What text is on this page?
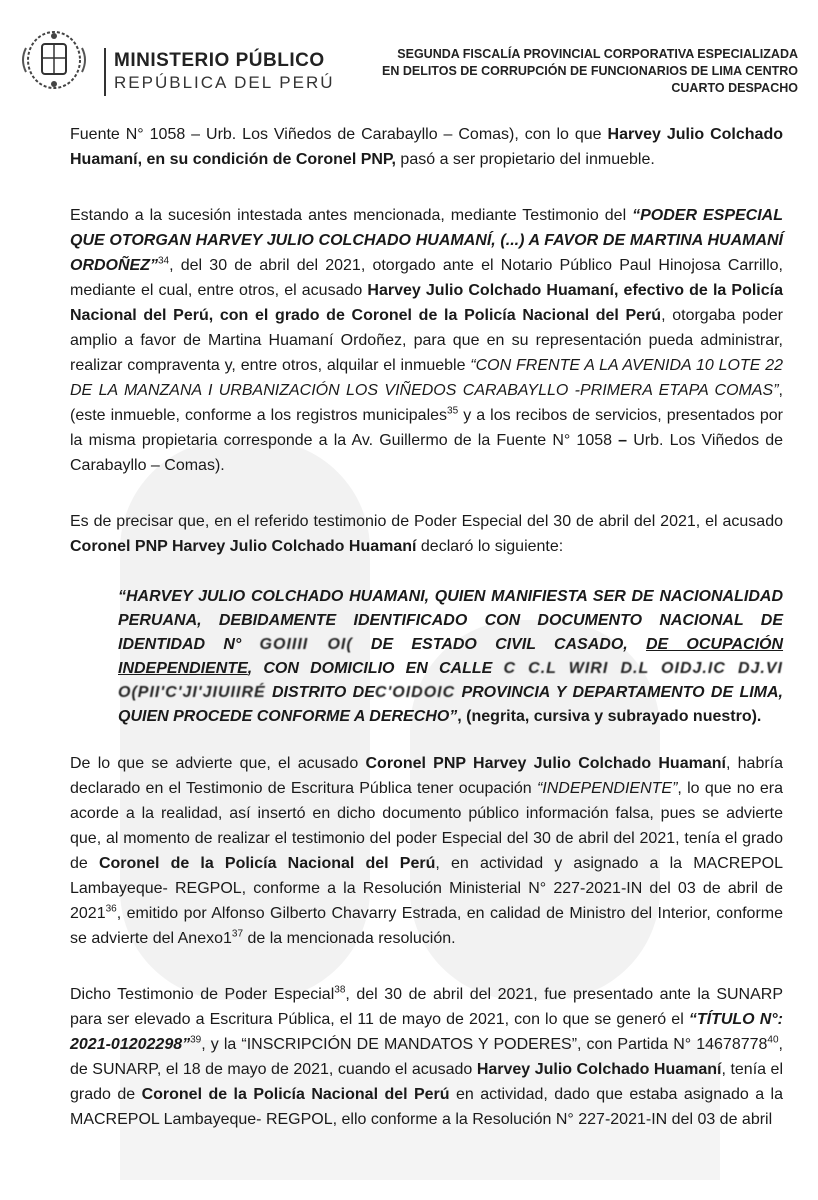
MINISTERIO PÚBLICO
REPÚBLICA DEL PERÚ
SEGUNDA FISCALÍA PROVINCIAL CORPORATIVA ESPECIALIZADA
EN DELITOS DE CORRUPCIÓN DE FUNCIONARIOS DE LIMA CENTRO
CUARTO DESPACHO

Fuente N° 1058 – Urb. Los Viñedos de Carabayllo – Comas), con lo que Harvey Julio Colchado Huamaní, en su condición de Coronel PNP, pasó a ser propietario del inmueble.

Estando a la sucesión intestada antes mencionada, mediante Testimonio del “PODER ESPECIAL QUE OTORGAN HARVEY JULIO COLCHADO HUAMANÍ, (...) A FAVOR DE MARTINA HUAMANÍ ORDOÑEZ”$^{34}$, del 30 de abril del 2021, otorgado ante el Notario Público Paul Hinojosa Carrillo, mediante el cual, entre otros, el acusado Harvey Julio Colchado Huamaní, efectivo de la Policía Nacional del Perú, con el grado de Coronel de la Policía Nacional del Perú, otorgaba poder amplio a favor de Martina Huamaní Ordoñez, para que en su representación pueda administrar, realizar compraventa y, entre otros, alquilar el inmueble “CON FRENTE A LA AVENIDA 10 LOTE 22 DE LA MANZANA I URBANIZACIÓN LOS VIÑEDOS CARABAYLLO -PRIMERA ETAPA COMAS”, (este inmueble, conforme a los registros municipales$^{35}$ y a los recibos de servicios, presentados por la misma propietaria corresponde a la Av. Guillermo de la Fuente N° 1058 – Urb. Los Viñedos de Carabayllo – Comas).

Es de precisar que, en el referido testimonio de Poder Especial del 30 de abril del 2021, el acusado Coronel PNP Harvey Julio Colchado Huamaní declaró lo siguiente:

“HARVEY JULIO COLCHADO HUAMANI, QUIEN MANIFIESTA SER DE NACIONALIDAD PERUANA, DEBIDAMENTE IDENTIFICADO CON DOCUMENTO NACIONAL DE IDENTIDAD N° GOIIII OI( DE ESTADO CIVIL CASADO, DE OCUPACIÓN INDEPENDIENTE, CON DOMICILIO EN CALLE C C.L WIRI D.L OIDJ.IC DJ.VI O(PII'C'JI'JIUIIRÉ DISTRITO DEC'OIDOIC PROVINCIA Y DEPARTAMENTO DE LIMA, QUIEN PROCEDE CONFORME A DERECHO”, (negrita, cursiva y subrayado nuestro).

De lo que se advierte que, el acusado Coronel PNP Harvey Julio Colchado Huamaní, habría declarado en el Testimonio de Escritura Pública tener ocupación “INDEPENDIENTE”, lo que no era acorde a la realidad, así insertó en dicho documento público información falsa, pues se advierte que, al momento de realizar el testimonio del poder Especial del 30 de abril del 2021, tenía el grado de Coronel de la Policía Nacional del Perú, en actividad y asignado a la MACREPOL Lambayeque- REGPOL, conforme a la Resolución Ministerial N° 227-2021-IN del 03 de abril de 2021$^{36}$, emitido por Alfonso Gilberto Chavarry Estrada, en calidad de Ministro del Interior, conforme se advierte del $Anexo1^{37}$ de la mencionada resolución.

Dicho Testimonio de Poder Especial$^{38}$, del 30 de abril del 2021, fue presentado ante la SUNARP para ser elevado a Escritura Pública, el 11 de mayo de 2021, con lo que se generó el “TÍTULO N°: 2021-01202298”$^{39}$, y la “INSCRIPCIÓN DE MANDATOS Y PODERES”, con Partida N° 14678778$^{40}$, de SUNARP, el 18 de mayo de 2021, cuando el acusado Harvey Julio Colchado Huamaní, tenía el grado de Coronel de la Policía Nacional del Perú en actividad, dado que estaba asignado a la MACREPOL Lambayeque- REGPOL, ello conforme a la Resolución N° 227-2021-IN del 03 de abril
